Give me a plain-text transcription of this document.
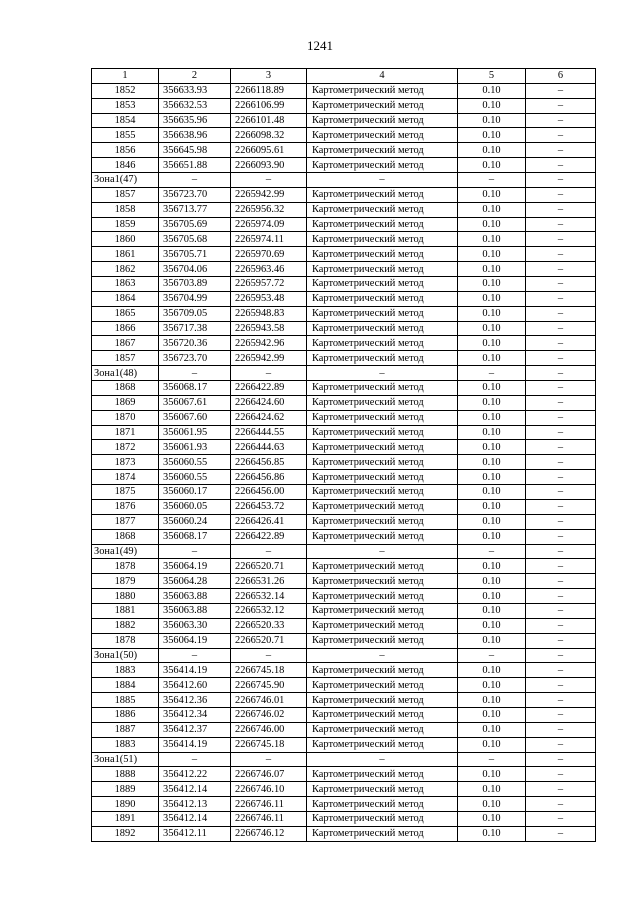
1241
1	2	3	4	5	6
1852	356633.93	2266118.89	Картометрический метод	0.10	–
1853	356632.53	2266106.99	Картометрический метод	0.10	–
1854	356635.96	2266101.48	Картометрический метод	0.10	–
1855	356638.96	2266098.32	Картометрический метод	0.10	–
1856	356645.98	2266095.61	Картометрический метод	0.10	–
1846	356651.88	2266093.90	Картометрический метод	0.10	–
Зона1(47)	–	–	–	–	–
1857	356723.70	2265942.99	Картометрический метод	0.10	–
1858	356713.77	2265956.32	Картометрический метод	0.10	–
1859	356705.69	2265974.09	Картометрический метод	0.10	–
1860	356705.68	2265974.11	Картометрический метод	0.10	–
1861	356705.71	2265970.69	Картометрический метод	0.10	–
1862	356704.06	2265963.46	Картометрический метод	0.10	–
1863	356703.89	2265957.72	Картометрический метод	0.10	–
1864	356704.99	2265953.48	Картометрический метод	0.10	–
1865	356709.05	2265948.83	Картометрический метод	0.10	–
1866	356717.38	2265943.58	Картометрический метод	0.10	–
1867	356720.36	2265942.96	Картометрический метод	0.10	–
1857	356723.70	2265942.99	Картометрический метод	0.10	–
Зона1(48)	–	–	–	–	–
1868	356068.17	2266422.89	Картометрический метод	0.10	–
1869	356067.61	2266424.60	Картометрический метод	0.10	–
1870	356067.60	2266424.62	Картометрический метод	0.10	–
1871	356061.95	2266444.55	Картометрический метод	0.10	–
1872	356061.93	2266444.63	Картометрический метод	0.10	–
1873	356060.55	2266456.85	Картометрический метод	0.10	–
1874	356060.55	2266456.86	Картометрический метод	0.10	–
1875	356060.17	2266456.00	Картометрический метод	0.10	–
1876	356060.05	2266453.72	Картометрический метод	0.10	–
1877	356060.24	2266426.41	Картометрический метод	0.10	–
1868	356068.17	2266422.89	Картометрический метод	0.10	–
Зона1(49)	–	–	–	–	–
1878	356064.19	2266520.71	Картометрический метод	0.10	–
1879	356064.28	2266531.26	Картометрический метод	0.10	–
1880	356063.88	2266532.14	Картометрический метод	0.10	–
1881	356063.88	2266532.12	Картометрический метод	0.10	–
1882	356063.30	2266520.33	Картометрический метод	0.10	–
1878	356064.19	2266520.71	Картометрический метод	0.10	–
Зона1(50)	–	–	–	–	–
1883	356414.19	2266745.18	Картометрический метод	0.10	–
1884	356412.60	2266745.90	Картометрический метод	0.10	–
1885	356412.36	2266746.01	Картометрический метод	0.10	–
1886	356412.34	2266746.02	Картометрический метод	0.10	–
1887	356412.37	2266746.00	Картометрический метод	0.10	–
1883	356414.19	2266745.18	Картометрический метод	0.10	–
Зона1(51)	–	–	–	–	–
1888	356412.22	2266746.07	Картометрический метод	0.10	–
1889	356412.14	2266746.10	Картометрический метод	0.10	–
1890	356412.13	2266746.11	Картометрический метод	0.10	–
1891	356412.14	2266746.11	Картометрический метод	0.10	–
1892	356412.11	2266746.12	Картометрический метод	0.10	–
